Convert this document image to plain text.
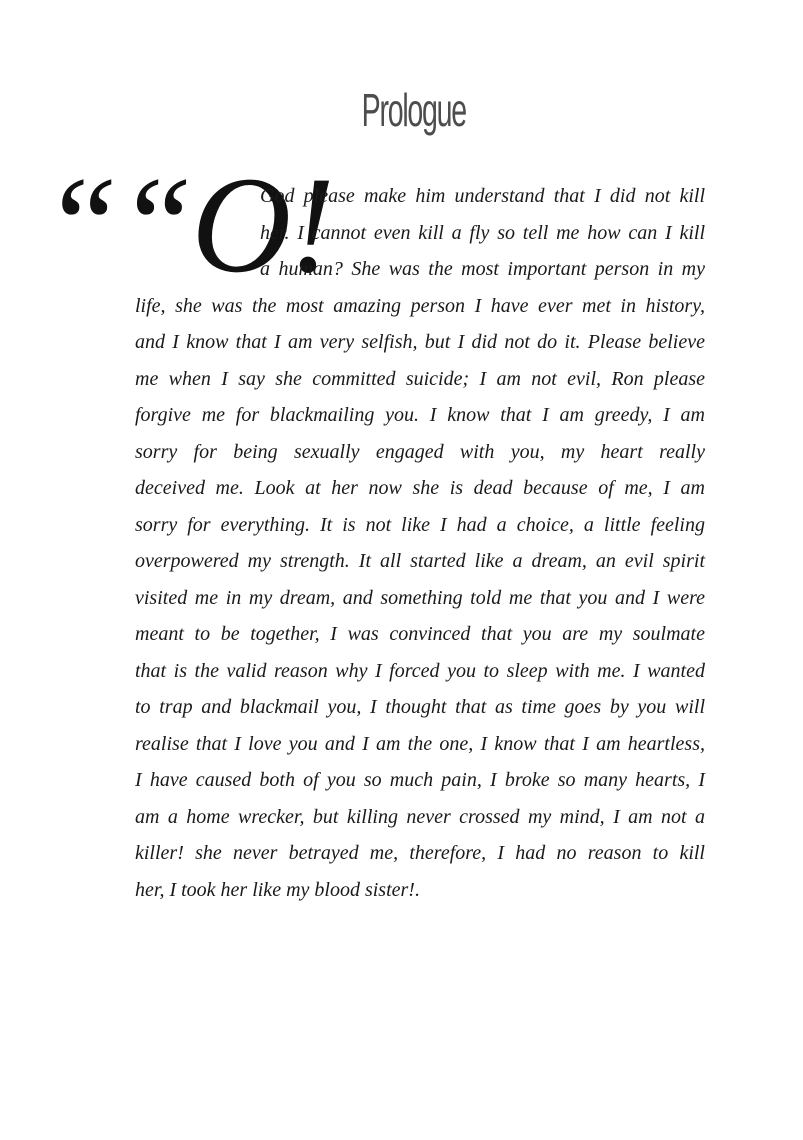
Prologue
““O!
God please make him understand that I did not kill
her. I cannot even kill a fly so tell me how can I kill
a human? She was the most important person in my
life, she was the most amazing person I have ever met in history,
and I know that I am very selfish, but I did not do it. Please believe
me when I say she committed suicide; I am not evil, Ron please
forgive me for blackmailing you. I know that I am greedy, I am
sorry for being sexually engaged with you, my heart really
deceived me. Look at her now she is dead because of me, I am
sorry for everything. It is not like I had a choice, a little feeling
overpowered my strength. It all started like a dream, an evil spirit
visited me in my dream, and something told me that you and I were
meant to be together, I was convinced that you are my soulmate
that is the valid reason why I forced you to sleep with me. I wanted
to trap and blackmail you, I thought that as time goes by you will
realise that I love you and I am the one, I know that I am heartless,
I have caused both of you so much pain, I broke so many hearts, I
am a home wrecker, but killing never crossed my mind, I am not a
killer! she never betrayed me, therefore, I had no reason to kill
her, I took her like my blood sister!.
